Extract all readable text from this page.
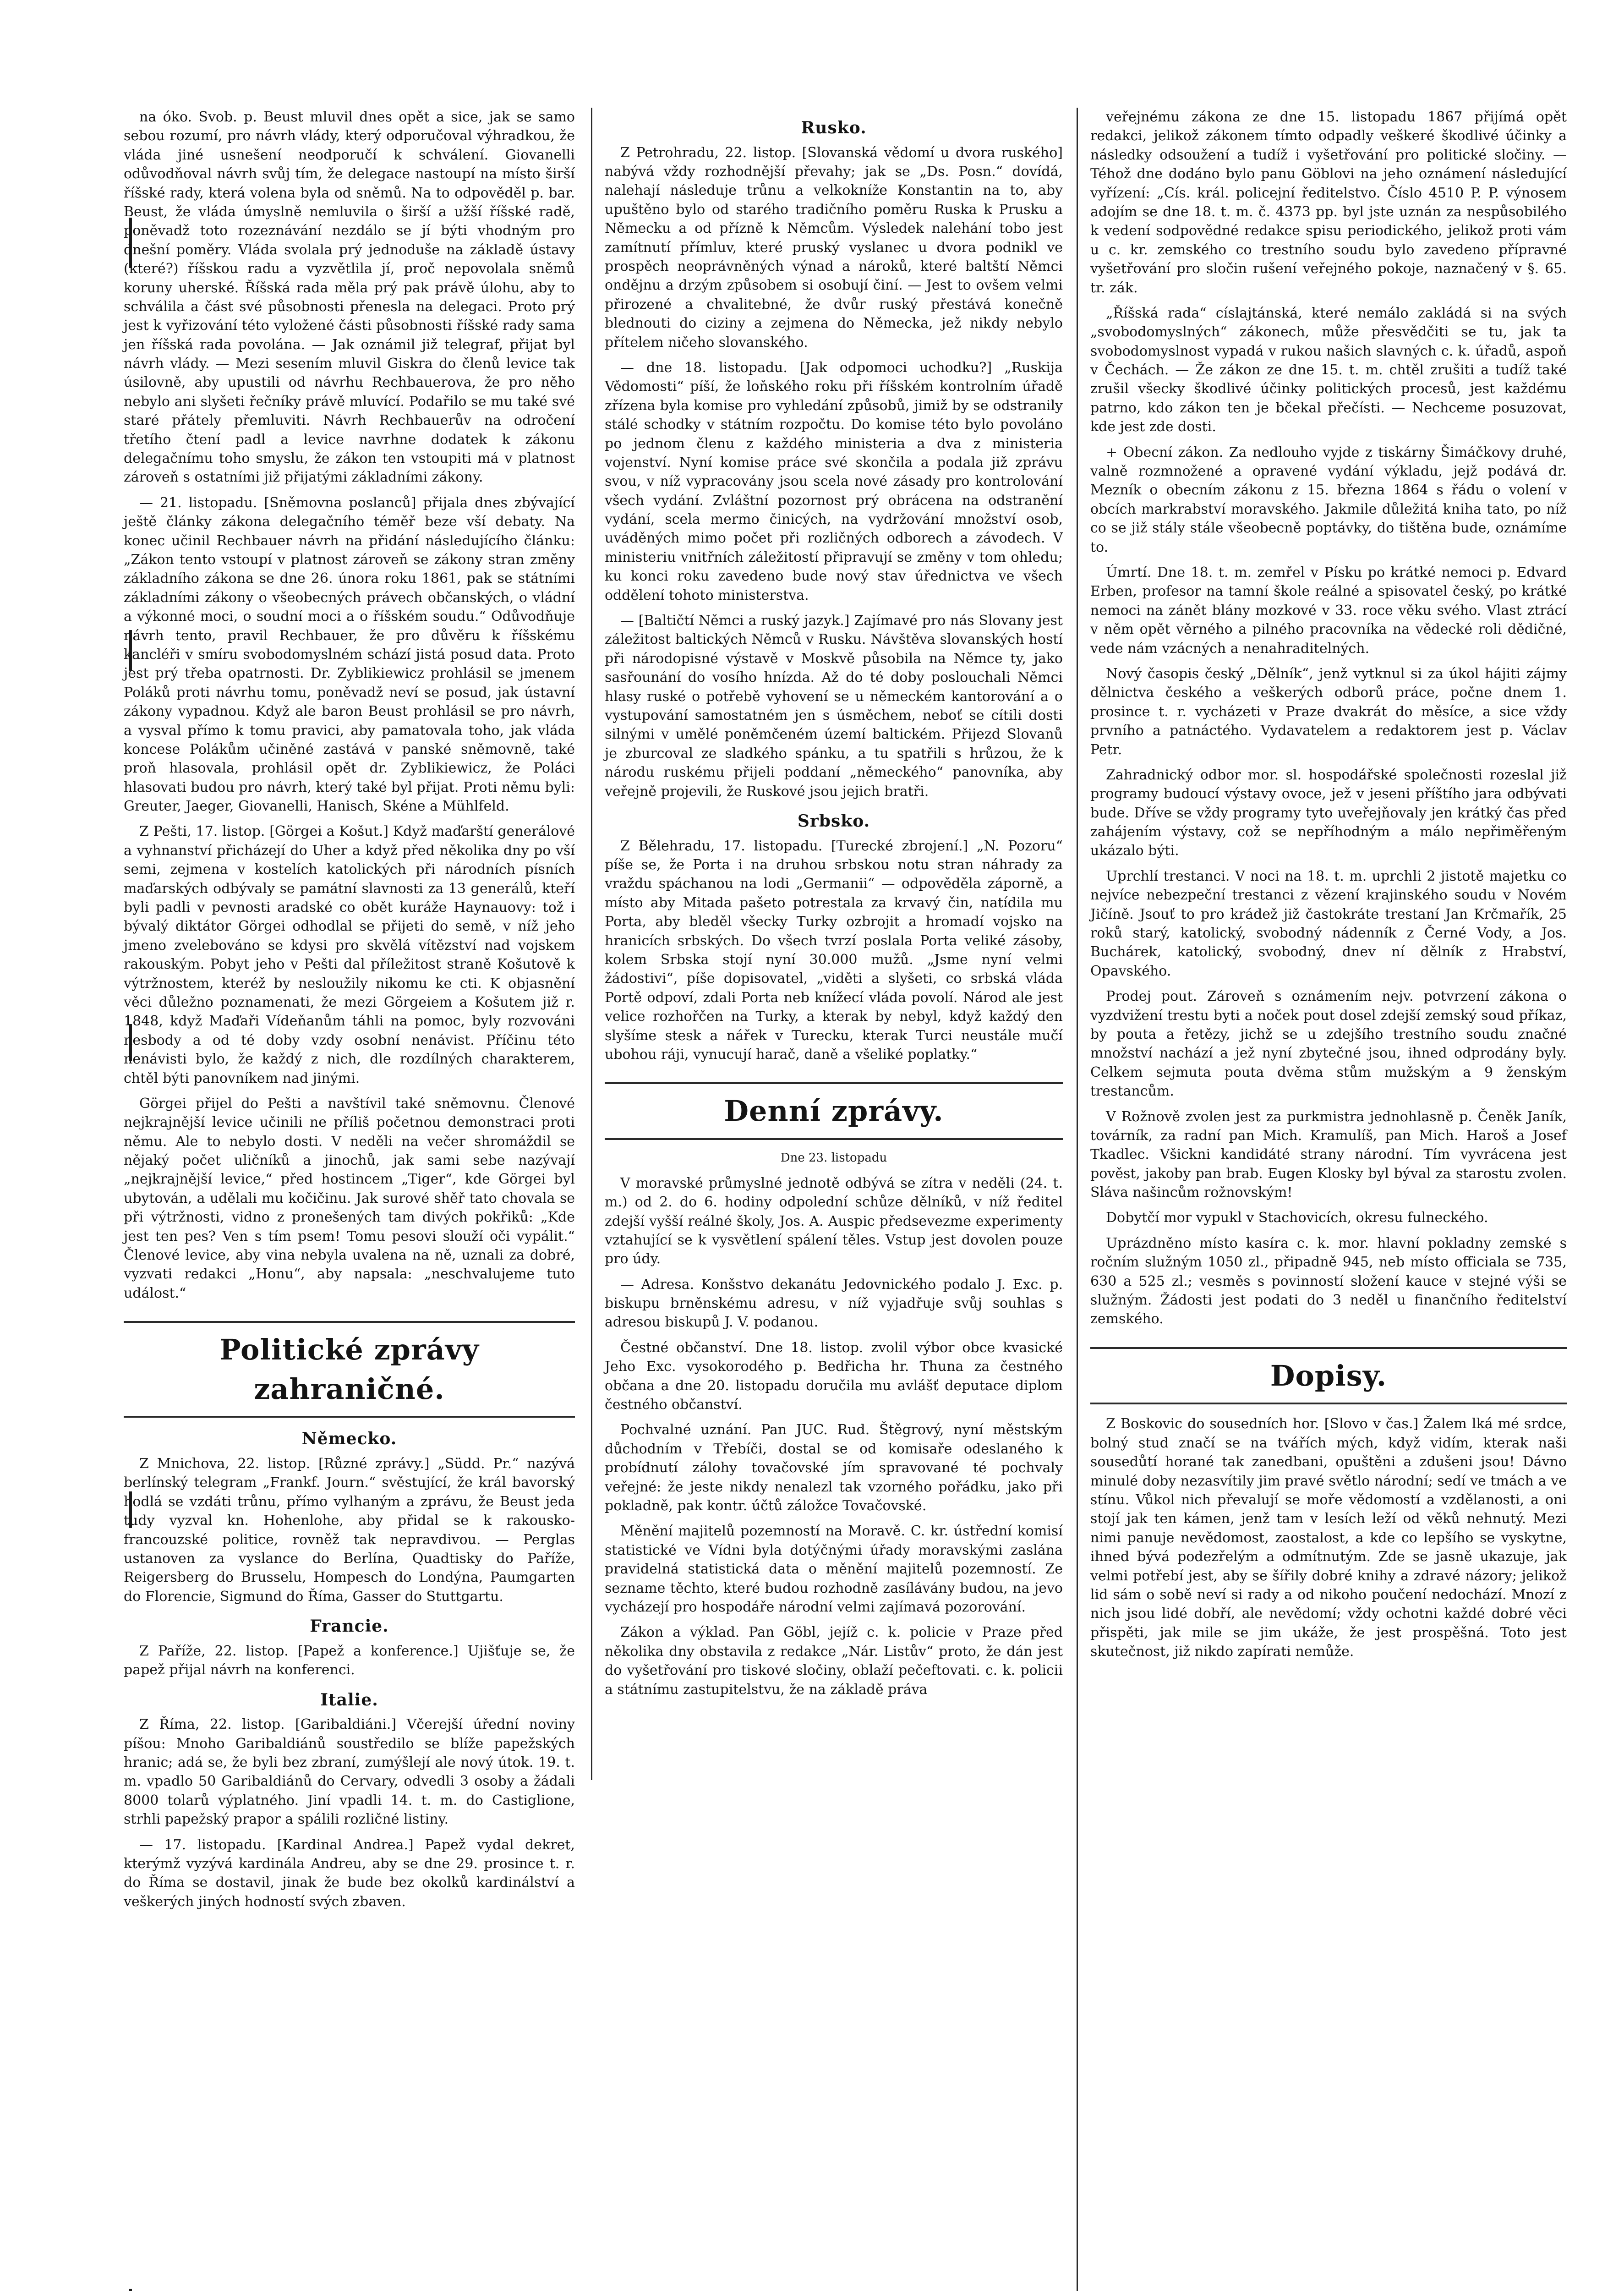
na óko. Svob. p. Beust mluvil dnes opět a sice, jak se samo sebou rozumí, pro návrh vlády, který odporučoval výhradkou, že vláda jiné usnešení neodporučí k schválení. Giovanelli odůvodňoval návrh svůj tím, že delegace nastoupí na místo širší říšské rady, která volena byla od sněmů. Na to odpověděl p. bar. Beust, že vláda úmyslně nemluvila o širší a užší říšské radě, poněvadž toto rozeznávání nezdálo se jí býti vhodným pro dnešní poměry. Vláda svolala prý jednoduše na základě ústavy (které?) říšskou radu a vyzvětlila jí, proč nepovolala sněmů koruny uherské. Říšská rada měla prý pak právě úlohu, aby to schválila a část své působnosti přenesla na delegaci. Proto prý jest k vyřizování této vyložené části působnosti říšské rady sama jen říšská rada povolána. — Jak oznámil již telegraf, přijat byl návrh vlády. — Mezi sesením mluvil Giskra do členů levice tak úsilovně, aby upustili od návrhu Rechbauerova, že pro něho nebylo ani slyšeti řečníky právě mluvící. Podařilo se mu také své staré přátely přemluviti. Návrh Rechbauerův na odročení třetího čtení padl a levice navrhne dodatek k zákonu delegačnímu toho smyslu, že zákon ten vstoupiti má v platnost zároveň s ostatními již přijatými základními zákony.

— 21. listopadu. [Sněmovna poslanců] přijala dnes zbývající ještě články zákona delegačního téměř beze vší debaty. Na konec učinil Rechbauer návrh na přidání následujícího článku: „Zákon tento vstoupí v platnost zároveň se zákony stran změny základního zákona se dne 26. února roku 1861, pak se státními základními zákony o všeobecných právech občanských, o vládní a výkonné moci, o soudní moci a o říšském soudu.“ Odůvodňuje návrh tento, pravil Rechbauer, že pro důvěru k říšskému kancléři v smíru svobodomyslném schází jistá posud data. Proto jest prý třeba opatrnosti. Dr. Zyblikiewicz prohlásil se jmenem Poláků proti návrhu tomu, poněvadž neví se posud, jak ústavní zákony vypadnou. Když ale baron Beust prohlásil se pro návrh, a vysval přímo k tomu pravici, aby pamatovala toho, jak vláda koncese Polákům učiněné zastává v panské sněmovně, také proň hlasovala, prohlásil opět dr. Zyblikiewicz, že Poláci hlasovati budou pro návrh, který také byl přijat. Proti němu byli: Greuter, Jaeger, Giovanelli, Hanisch, Skéne a Mühlfeld.

Z Pešti, 17. listop. [Görgei a Košut.] Když maďarští generálové a vyhnanství přicházejí do Uher a když před několika dny po vší semi, zejmena v kostelích katolických při národních písních maďarských odbývaly se památní slavnosti za 13 generálů, kteří byli padli v pevnosti aradské co obět kuráže Haynauovy: tož i bývalý diktátor Görgei odhodlal se přijeti do semě, v níž jeho jmeno zvelebováno se kdysi pro skvělá vítězství nad vojskem rakouským. Pobyt jeho v Pešti dal příležitost straně Košutově k výtržnostem, kteréž by nesloužily nikomu ke cti. K objasnění věci důležno poznamenati, že mezi Görgeiem a Košutem již r. 1848, když Maďaři Vídeňanům táhli na pomoc, byly rozvováni nesbody a od té doby vzdy osobní nenávist. Příčinu této nenávisti bylo, že každý z nich, dle rozdílných charakterem, chtěl býti panovníkem nad jinými.

Görgei přijel do Pešti a navštívil také sněmovnu. Členové nejkrajnější levice učinili ne příliš početnou demonstraci proti němu. Ale to nebylo dosti. V neděli na večer shromáždil se nějaký počet uličníků a jinochů, jak sami sebe nazývají „nejkrajnější levice,“ před hostincem „Tiger“, kde Görgei byl ubytován, a udělali mu kočičinu. Jak surové shěř tato chovala se při výtržnosti, vidno z pronešených tam divých pokřiků: „Kde jest ten pes? Ven s tím psem! Tomu pesovi slouží oči vypálit.“ Členové levice, aby vina nebyla uvalena na ně, uznali za dobré, vyzvati redakci „Honu“, aby napsala: „neschvalujeme tuto událost.“

Politické zprávy zahraničné.
Německo.

Z Mnichova, 22. listop. [Různé zprávy.] „Südd. Pr.“ nazývá berlínský telegram „Frankf. Journ.“ svěstující, že král bavorský hodlá se vzdáti trůnu, přímo vylhaným a zprávu, že Beust jeda tudy vyzval kn. Hohenlohe, aby přidal se k rakousko-francouzské politice, rovněž tak nepravdivou. — Perglas ustanoven za vyslance do Berlína, Quadtisky do Paříže, Reigersberg do Brusselu, Hompesch do Londýna, Paumgarten do Florencie, Sigmund do Říma, Gasser do Stuttgartu.

Francie.

Z Paříže, 22. listop. [Papež a konference.] Ujišťuje se, že papež přijal návrh na konferenci.

Italie.

Z Říma, 22. listop. [Garibaldiáni.] Včerejší úřední noviny píšou: Mnoho Garibaldiánů soustředilo se blíže papežských hranic; adá se, že byli bez zbraní, zumýšlejí ale nový útok. 19. t. m. vpadlo 50 Garibaldiánů do Cervary, odvedli 3 osoby a žádali 8000 tolarů výplatného. Jiní vpadli 14. t. m. do Castiglione, strhli papežský prapor a spálili rozličné listiny.

— 17. listopadu. [Kardinal Andrea.] Papež vydal dekret, kterýmž vyzývá kardinála Andreu, aby se dne 29. prosince t. r. do Říma se dostavil, jinak že bude bez okolků kardinálství a veškerých jiných hodností svých zbaven.

Rusko.

Z Petrohradu, 22. listop. [Slovanská vědomí u dvora ruského] nabývá vždy rozhodnější převahy; jak se „Ds. Posn.“ dovídá, nalehají následuje trůnu a velkokníže Konstantin na to, aby upuštěno bylo od starého tradičního poměru Ruska k Prusku a Německu a od přízně k Němcům. Výsledek nalehání tobo jest zamítnutí přímluv, které pruský vyslanec u dvora podnikl ve prospěch neoprávněných výnad a nároků, které baltští Němci ondějnu a drzým způsobem si osobují činí. — Jest to ovšem velmi přirozené a chvalitebné, že dvůr ruský přestává konečně blednouti do ciziny a zejmena do Německa, jež nikdy nebylo přítelem ničeho slovanského.

— dne 18. listopadu. [Jak odpomoci uchodku?] „Ruskija Vědomosti“ píší, že loňského roku při říšském kontrolním úřadě zřízena byla komise pro vyhledání způsobů, jimiž by se odstranily stálé schodky v státním rozpočtu. Do komise této bylo povoláno po jednom členu z každého ministeria a dva z ministeria vojenství. Nyní komise práce své skončila a podala již zprávu svou, v níž vypracovány jsou scela nové zásady pro kontrolování všech vydání. Zvláštní pozornost prý obrácena na odstranění vydání, scela mermo činicých, na vydržování množství osob, uváděných mimo počet při rozličných odborech a závodech. V ministeriu vnitřních záležitostí připravují se změny v tom ohledu; ku konci roku zavedeno bude nový stav úřednictva ve všech oddělení tohoto ministerstva.

— [Baltičtí Němci a ruský jazyk.] Zajímavé pro nás Slovany jest záležitost baltických Němců v Rusku. Návštěva slovanských hostí při národopisné výstavě v Moskvě působila na Němce ty, jako sasřounání do vosího hnízda. Až do té doby poslouchali Němci hlasy ruské o potřebě vyhovení se u německém kantorování a o vystupování samostatném jen s úsměchem, neboť se cítili dosti silnými v umělé poněmčeném území baltickém. Přijezd Slovanů je zburcoval ze sladkého spánku, a tu spatřili s hrůzou, že k národu ruskému přijeli poddaní „německého“ panovníka, aby veřejně projevili, že Ruskové jsou jejich bratři.

Srbsko.

Z Bělehradu, 17. listopadu. [Turecké zbrojení.] „N. Pozoru“ píše se, že Porta i na druhou srbskou notu stran náhrady za vraždu spáchanou na lodi „Germanii“ — odpověděla záporně, a místo aby Mitada pašeto potrestala za krvavý čin, natídila mu Porta, aby bleděl všecky Turky ozbrojit a hromadí vojsko na hranicích srbských. Do všech tvrzí poslala Porta veliké zásoby, kolem Srbska stojí nyní 30.000 mužů. „Jsme nyní velmi žádostivi“, píše dopisovatel, „viděti a slyšeti, co srbská vláda Portě odpoví, zdali Porta neb knížecí vláda povolí. Národ ale jest velice rozhořčen na Turky, a kterak by nebyl, když každý den slyšíme stesk a nářek v Turecku, kterak Turci neustále mučí ubohou ráji, vynucují harač, daně a všeliké poplatky.“

Denní zprávy.
Dne 23. listopadu

V moravské průmyslné jednotě odbývá se zítra v neděli (24. t. m.) od 2. do 6. hodiny odpolední schůze dělníků, v níž ředitel zdejší vyšší reálné školy, Jos. A. Auspic předsevezme experimenty vztahující se k vysvětlení spálení těles. Vstup jest dovolen pouze pro údy.

— Adresa. Konšstvo dekanátu Jedovnického podalo J. Exc. p. biskupu brněnskému adresu, v níž vyjadřuje svůj souhlas s adresou biskupů J. V. podanou.

Čestné občanství. Dne 18. listop. zvolil výbor obce kvasické Jeho Exc. vysokorodého p. Bedřicha hr. Thuna za čestného občana a dne 20. listopadu doručila mu avlášť deputace diplom čestného občanství.

Pochvalné uznání. Pan JUC. Rud. Štěgrový, nyní městským důchodním v Třebíči, dostal se od komisaře odeslaného k probídnutí zálohy tovačovské jím spravované té pochvaly veřejné: že jeste nikdy nenalezl tak vzorného pořádku, jako při pokladně, pak kontr. účtů záložce Tovačovské.

Měnění majitelů pozemností na Moravě. C. kr. ústřední komisí statistické ve Vídni byla dotýčnými úřady moravskými zaslána pravidelná statistická data o měnění majitelů pozemností. Ze sezname těchto, které budou rozhodně zasílávány budou, na jevo vycházejí pro hospodáře národní velmi zajímavá pozorování.

Zákon a výklad. Pan Göbl, jejíž c. k. policie v Praze před několika dny obstavila z redakce „Nár. Listův“ proto, že dán jest do vyšetřování pro tiskové sločiny, oblaží pečeftovati. c. k. policii a státnímu zastupitelstvu, že na základě práva

veřejnému zákona ze dne 15. listopadu 1867 přijímá opět redakci, jelikož zákonem tímto odpadly veškeré škodlivé účinky a následky odsoužení a tudíž i vyšetřování pro politické sločiny. — Téhož dne dodáno bylo panu Göblovi na jeho oznámení následující vyřízení: „Cís. král. policejní ředitelstvo. Číslo 4510 P. P. výnosem adojím se dne 18. t. m. č. 4373 pp. byl jste uznán za nespůsobilého k vedení sodpovědné redakce spisu periodického, jelikož proti vám u c. kr. zemského co trestního soudu bylo zavedeno přípravné vyšetřování pro sločin rušení veřejného pokoje, naznačený v §. 65. tr. zák.

„Říšská rada“ císlajtánská, které nemálo zakládá si na svých „svobodomyslných“ zákonech, může přesvědčiti se tu, jak ta svobodomyslnost vypadá v rukou našich slavných c. k. úřadů, aspoň v Čechách. — Že zákon ze dne 15. t. m. chtěl zrušiti a tudíž také zrušil všecky škodlivé účinky politických procesů, jest každému patrno, kdo zákon ten je bčekal přečísti. — Nechceme posuzovat, kde jest zde dosti.

+ Obecní zákon. Za nedlouho vyjde z tiskárny Šimáčkovy druhé, valně rozmnožené a opravené vydání výkladu, jejž podává dr. Mezník o obecním zákonu z 15. března 1864 s řádu o volení v obcích markrabství moravského. Jakmile důležitá kniha tato, po níž co se již stály stále všeobecně poptávky, do tištěna bude, oznámíme to.

Úmrtí. Dne 18. t. m. zemřel v Písku po krátké nemoci p. Edvard Erben, profesor na tamní škole reálné a spisovatel český, po krátké nemoci na zánět blány mozkové v 33. roce věku svého. Vlast ztrácí v něm opět věrného a pilného pracovníka na vědecké roli dědičné, vede nám vzácných a nenahraditelných.

Nový časopis český „Dělník“, jenž vytknul si za úkol hájiti zájmy dělnictva českého a veškerých odborů práce, počne dnem 1. prosince t. r. vycházeti v Praze dvakrát do měsíce, a sice vždy prvního a patnáctého. Vydavatelem a redaktorem jest p. Václav Petr.

Zahradnický odbor mor. sl. hospodářské společnosti rozeslal již programy budoucí výstavy ovoce, jež v jeseni příštího jara odbývati bude. Dříve se vždy programy tyto uveřejňovaly jen krátký čas před zahájením výstavy, což se nepříhodným a málo nepřiměřeným ukázalo býti.

Uprchlí trestanci. V noci na 18. t. m. uprchli 2 jistotě majetku co nejvíce nebezpeční trestanci z vězení krajinského soudu v Novém Jičíně. Jsouť to pro krádež již častokráte trestaní Jan Krčmařík, 25 roků starý, katolický, svobodný nádenník z Černé Vody, a Jos. Buchárek, katolický, svobodný, dnev ní dělník z Hrabství, Opavského.

Prodej pout. Zároveň s oznámením nejv. potvrzení zákona o vyzdvižení trestu byti a noček pout dosel zdejší zemský soud příkaz, by pouta a řetězy, jichž se u zdejšího trestního soudu značné množství nachází a jež nyní zbytečné jsou, ihned odprodány byly. Celkem sejmuta pouta dvěma stům mužským a 9 ženským trestancům.

V Rožnově zvolen jest za purkmistra jednohlasně p. Čeněk Janík, továrník, za radní pan Mich. Kramulíš, pan Mich. Haroš a Josef Tkadlec. Všickni kandidáté strany národní. Tím vyvrácena jest pověst, jakoby pan brab. Eugen Klosky byl býval za starostu zvolen. Sláva našincům rožnovským!

Dobytčí mor vypukl v Stachovicích, okresu fulneckého.

Uprázdněno místo kasíra c. k. mor. hlavní pokladny zemské s ročním služným 1050 zl., připadně 945, neb místo officiala se 735, 630 a 525 zl.; vesměs s povinností složení kauce v stejné výši se služným. Žádosti jest podati do 3 neděl u finančního ředitelství zemského.

Dopisy.

Z Boskovic do sousedních hor. [Slovo v čas.] Žalem lká mé srdce, bolný stud značí se na tvářích mých, když vidím, kterak naši sousedůtí horané tak zanedbani, opuštěni a zdušeni jsou! Dávno minulé doby nezasvítily jim pravé světlo národní; sedí ve tmách a ve stínu. Vůkol nich převalují se moře vědomostí a vzdělanosti, a oni stojí jak ten kámen, jenž tam v lesích leží od věků nehnutý. Mezi nimi panuje nevědomost, zaostalost, a kde co lepšího se vyskytne, ihned bývá podezřelým a odmítnutým. Zde se jasně ukazuje, jak velmi potřebí jest, aby se šířily dobré knihy a zdravé názory; jelikož lid sám o sobě neví si rady a od nikoho poučení nedochází. Mnozí z nich jsou lidé dobří, ale nevědomí; vždy ochotni každé dobré věci přispěti, jak mile se jim ukáže, že jest prospěšná. Toto jest skutečnost, již nikdo zapírati nemůže.
